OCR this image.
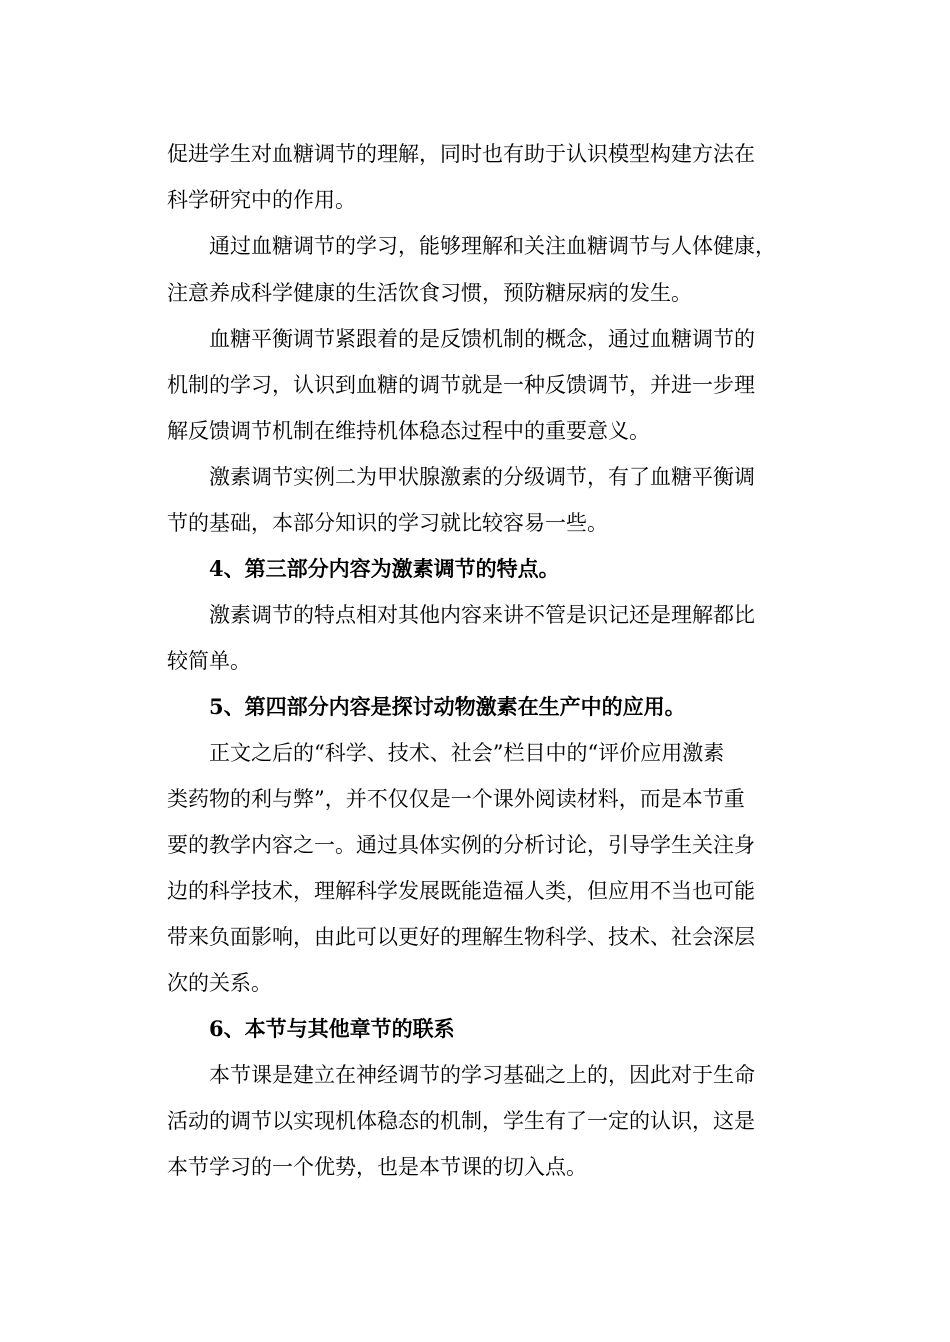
促进学生对血糖调节的理解，同时也有助于认识模型构建方法在
科学研究中的作用。
通过血糖调节的学习，能够理解和关注血糖调节与人体健康，
注意养成科学健康的生活饮食习惯，预防糖尿病的发生。
血糖平衡调节紧跟着的是反馈机制的概念，通过血糖调节的
机制的学习，认识到血糖的调节就是一种反馈调节，并进一步理
解反馈调节机制在维持机体稳态过程中的重要意义。
激素调节实例二为甲状腺激素的分级调节，有了血糖平衡调
节的基础，本部分知识的学习就比较容易一些。
4、第三部分内容为激素调节的特点。
激素调节的特点相对其他内容来讲不管是识记还是理解都比
较简单。
5、第四部分内容是探讨动物激素在生产中的应用。
正文之后的“科学、技术、社会”栏目中的“评价应用激素
类药物的利与弊”，并不仅仅是一个课外阅读材料，而是本节重
要的教学内容之一。通过具体实例的分析讨论，引导学生关注身
边的科学技术，理解科学发展既能造福人类，但应用不当也可能
带来负面影响，由此可以更好的理解生物科学、技术、社会深层
次的关系。
6、本节与其他章节的联系
本节课是建立在神经调节的学习基础之上的，因此对于生命
活动的调节以实现机体稳态的机制，学生有了一定的认识，这是
本节学习的一个优势，也是本节课的切入点。
